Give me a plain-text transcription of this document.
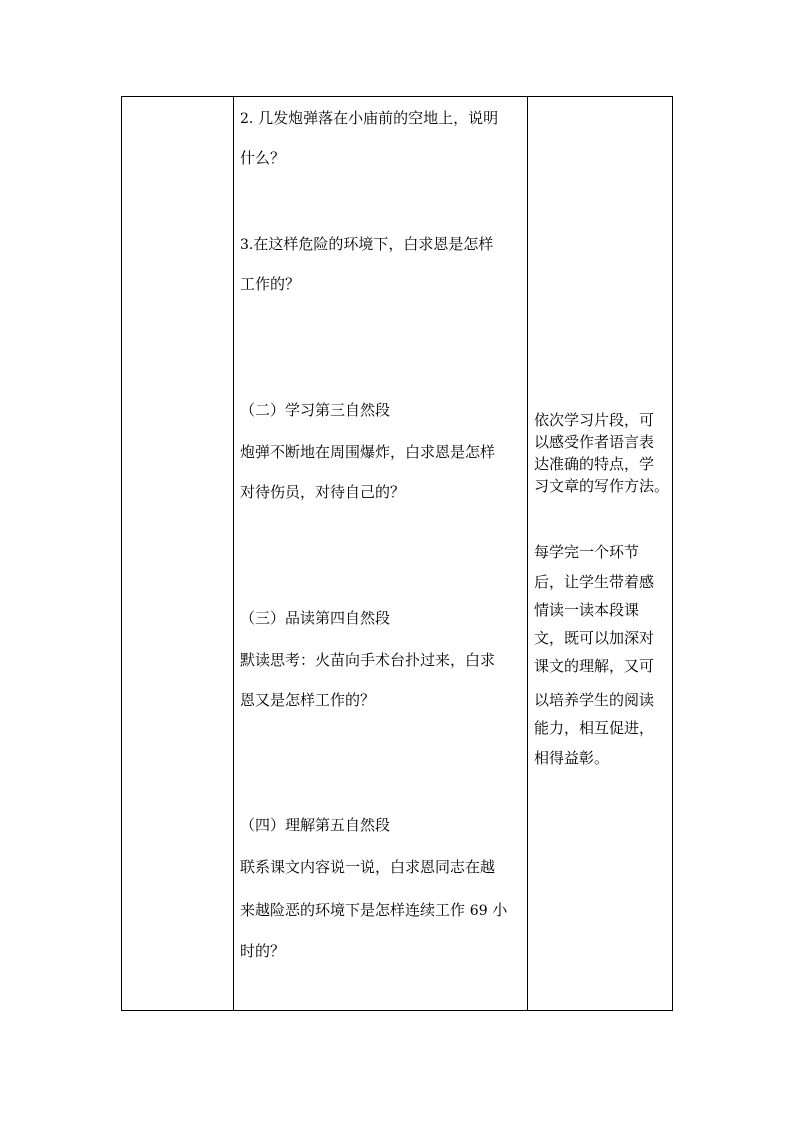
2. 几发炮弹落在小庙前的空地上，说明
什么？
3.在这样危险的环境下，白求恩是怎样
工作的？
（二）学习第三自然段
炮弹不断地在周围爆炸，白求恩是怎样
对待伤员，对待自己的？
（三）品读第四自然段
默读思考：火苗向手术台扑过来，白求
恩又是怎样工作的？
（四）理解第五自然段
联系课文内容说一说，白求恩同志在越
来越险恶的环境下是怎样连续工作 69 小
时的？
依次学习片段，可
以感受作者语言表
达准确的特点，学
习文章的写作方法。
每学完一个环节
后，让学生带着感
情读一读本段课
文，既可以加深对
课文的理解，又可
以培养学生的阅读
能力，相互促进，
相得益彰。
